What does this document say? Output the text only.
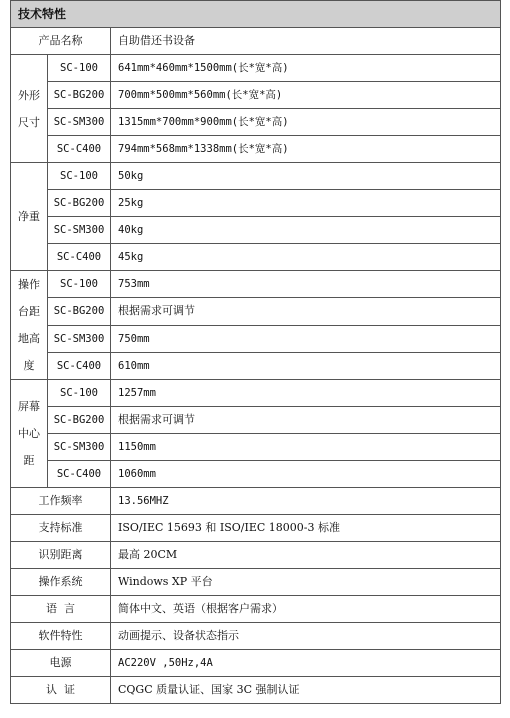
技术特性		
产品名称		自助借还书设备

外形
尺寸	SC-100	641mm*460mm*1500mm(长*宽*高)
	SC-BG200	700mm*500mm*560mm(长*宽*高)
	SC-SM300	1315mm*700mm*900mm(长*宽*高)
	SC-C400	794mm*568mm*1338mm(长*宽*高)

净重	SC-100	50kg
	SC-BG200	25kg
	SC-SM300	40kg
	SC-C400	45kg

操作
台距
地高
度	SC-100	753mm
	SC-BG200	根据需求可调节
	SC-SM300	750mm
	SC-C400	610mm

屏幕
中心
距	SC-100	1257mm
	SC-BG200	根据需求可调节
	SC-SM300	1150mm
	SC-C400	1060mm
工作频率		13.56MHZ
支持标准		ISO/IEC 15693 和 ISO/IEC 18000-3 标准
识别距离		最高 20CM
操作系统		Windows XP 平台
语  言		简体中文、英语（根据客户需求）
软件特性		动画提示、设备状态指示
电源		AC220V ,50Hz,4A
认  证		CQGC 质量认证、国家 3C 强制认证
